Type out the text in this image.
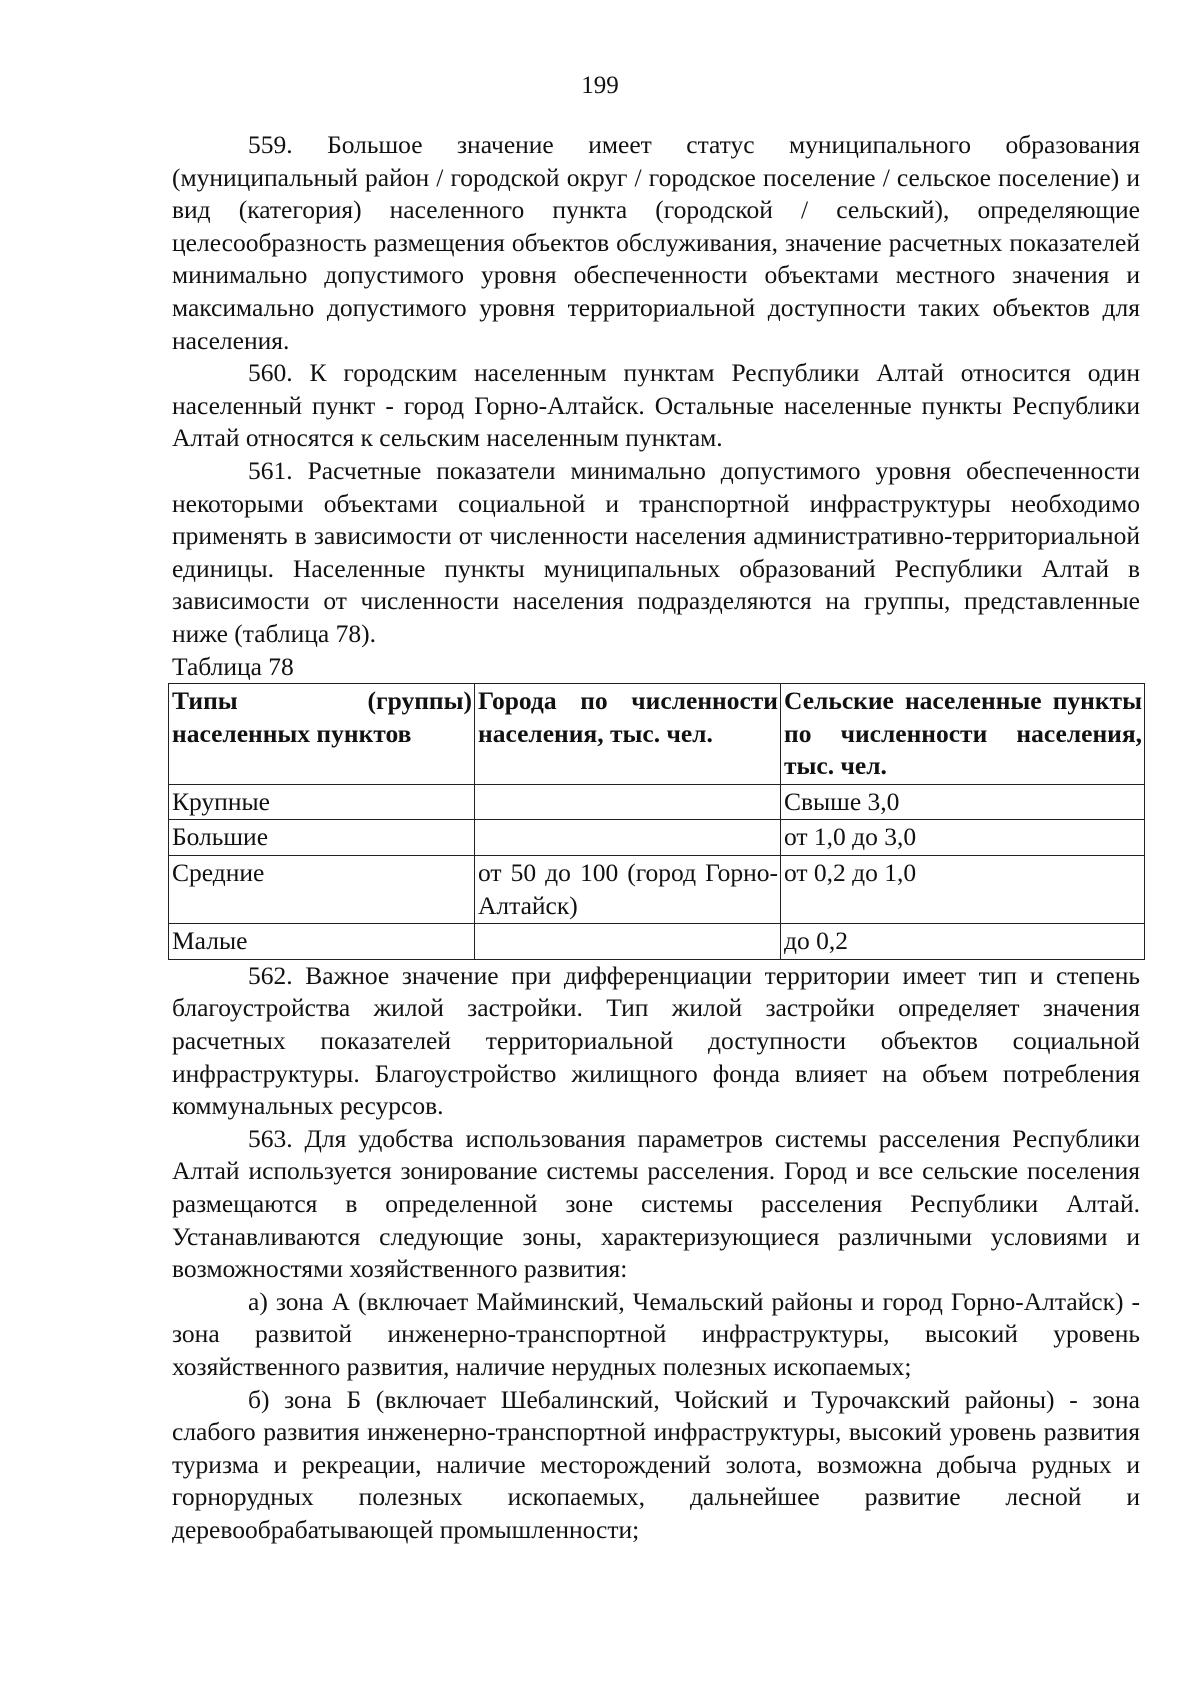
199

559. Большое значение имеет статус муниципального образования (муниципальный район / городской округ / городское поселение / сельское поселение) и вид (категория) населенного пункта (городской / сельский), определяющие целесообразность размещения объектов обслуживания, значение расчетных показателей минимально допустимого уровня обеспеченности объектами местного значения и максимально допустимого уровня территориальной доступности таких объектов для населения.

560. К городским населенным пунктам Республики Алтай относится один населенный пункт - город Горно-Алтайск. Остальные населенные пункты Республики Алтай относятся к сельским населенным пунктам.

561. Расчетные показатели минимально допустимого уровня обеспеченности некоторыми объектами социальной и транспортной инфраструктуры необходимо применять в зависимости от численности населения административно-территориальной единицы. Населенные пункты муниципальных образований Республики Алтай в зависимости от численности населения подразделяются на группы, представленные ниже (таблица 78).

Таблица 78

Типы (группы) населенных пунктов	Города по численности населения, тыс. чел.	Сельские населенные пункты по численности населения, тыс. чел.
Крупные		Свыше 3,0
Большие		от 1,0 до 3,0
Средние	от 50 до 100 (город Горно-Алтайск)	от 0,2 до 1,0
Малые		до 0,2

562. Важное значение при дифференциации территории имеет тип и степень благоустройства жилой застройки. Тип жилой застройки определяет значения расчетных показателей территориальной доступности объектов социальной инфраструктуры. Благоустройство жилищного фонда влияет на объем потребления коммунальных ресурсов.

563. Для удобства использования параметров системы расселения Республики Алтай используется зонирование системы расселения. Город и все сельские поселения размещаются в определенной зоне системы расселения Республики Алтай. Устанавливаются следующие зоны, характеризующиеся различными условиями и возможностями хозяйственного развития:

а) зона А (включает Майминский, Чемальский районы и город Горно-Алтайск) - зона развитой инженерно-транспортной инфраструктуры, высокий уровень хозяйственного развития, наличие нерудных полезных ископаемых;

б) зона Б (включает Шебалинский, Чойский и Турочакский районы) - зона слабого развития инженерно-транспортной инфраструктуры, высокий уровень развития туризма и рекреации, наличие месторождений золота, возможна добыча рудных и горнорудных полезных ископаемых, дальнейшее развитие лесной и деревообрабатывающей промышленности;
